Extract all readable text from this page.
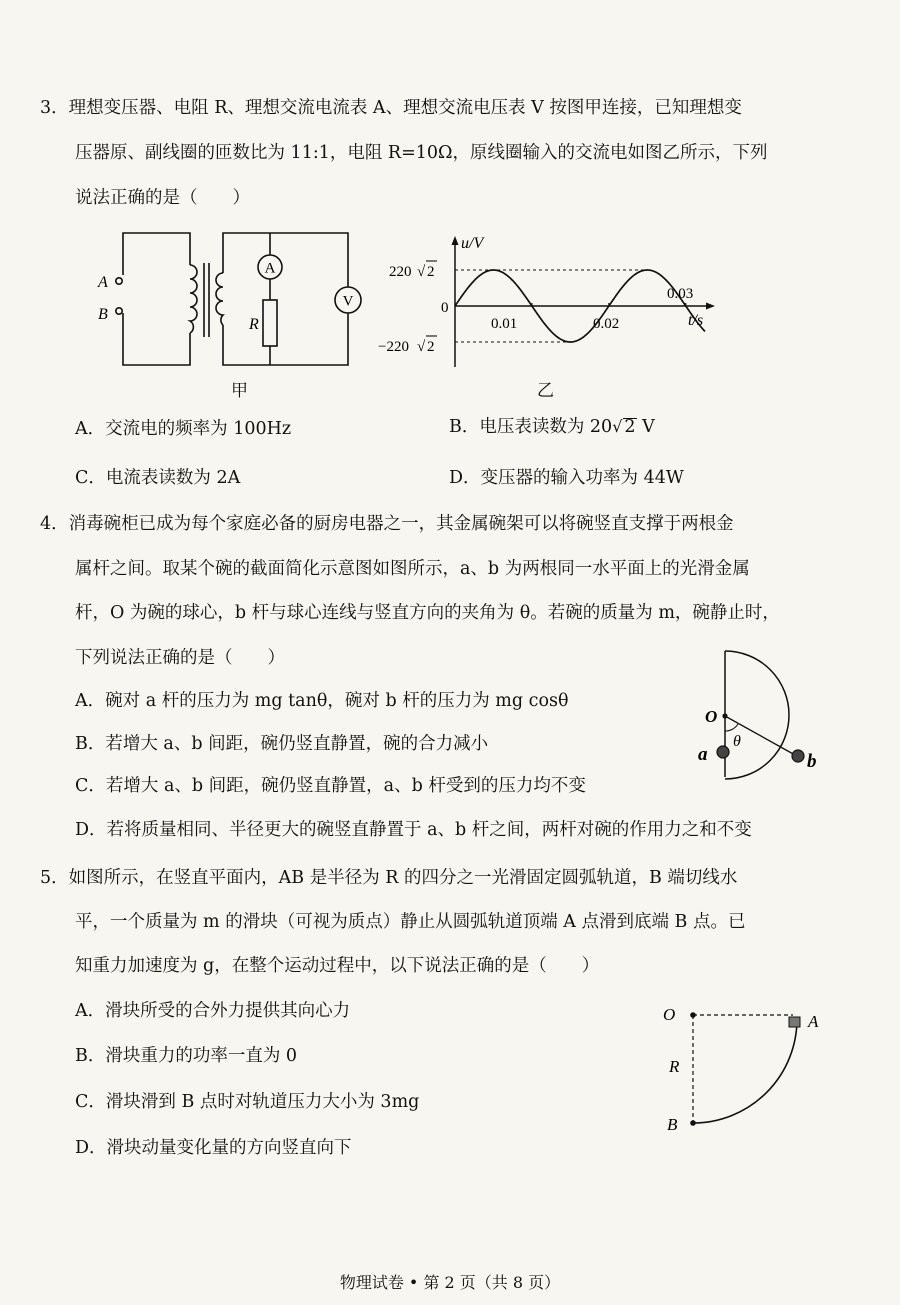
3．理想变压器、电阻 R、理想交流电流表 A、理想交流电压表 V 按图甲连接，已知理想变
压器原、副线圈的匝数比为 11:1，电阻 R=10Ω，原线圈输入的交流电如图乙所示，下列
说法正确的是（　　）
A
V
A
B
R
甲
u/V
t/s
0
220 √ 2
−220 √ 2
0.01	0.02
0.03
乙
A．交流电的频率为 100Hz	B．电压表读数为 20√ 2 V
C．电流表读数为 2A	D．变压器的输入功率为 44W
4．消毒碗柜已成为每个家庭必备的厨房电器之一，其金属碗架可以将碗竖直支撑于两根金
属杆之间。取某个碗的截面简化示意图如图所示，a、b 为两根同一水平面上的光滑金属
杆，O 为碗的球心，b 杆与球心连线与竖直方向的夹角为 θ。若碗的质量为 m，碗静止时，
下列说法正确的是（　　）
A．碗对 a 杆的压力为 mg tanθ，碗对 b 杆的压力为 mg cosθ
B．若增大 a、b 间距，碗仍竖直静置，碗的合力减小
C．若增大 a、b 间距，碗仍竖直静置，a、b 杆受到的压力均不变
D．若将质量相同、半径更大的碗竖直静置于 a、b 杆之间，两杆对碗的作用力之和不变
O
θ
a	b
5．如图所示，在竖直平面内，AB 是半径为 R 的四分之一光滑固定圆弧轨道，B 端切线水
平，一个质量为 m 的滑块（可视为质点）静止从圆弧轨道顶端 A 点滑到底端 B 点。已
知重力加速度为 g，在整个运动过程中，以下说法正确的是（　　）
A．滑块所受的合外力提供其向心力
B．滑块重力的功率一直为 0
C．滑块滑到 B 点时对轨道压力大小为 3mg
D．滑块动量变化量的方向竖直向下
O	A
R
B
物理试卷 • 第 2 页（共 8 页）
